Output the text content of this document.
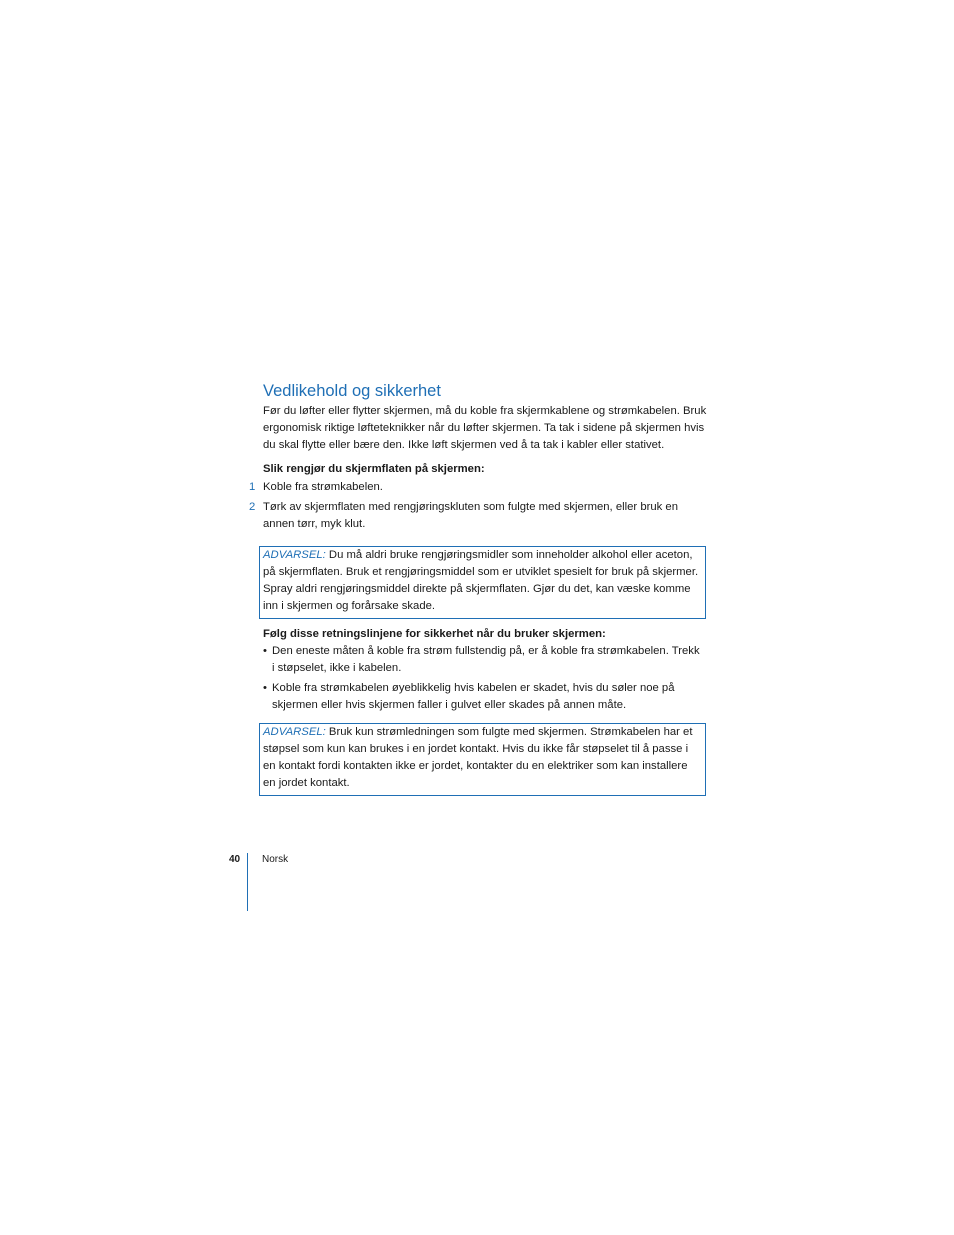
Vedlikehold og sikkerhet

Før du løfter eller flytter skjermen, må du koble fra skjermkablene og strømkabelen. Bruk ergonomisk riktige løfteteknikker når du løfter skjermen. Ta tak i sidene på skjermen hvis du skal flytte eller bære den. Ikke løft skjermen ved å ta tak i kabler eller stativet.

Slik rengjør du skjermflaten på skjermen:

1 Koble fra strømkabelen.
2 Tørk av skjermflaten med rengjøringskluten som fulgte med skjermen, eller bruk en annen tørr, myk klut.
ADVARSEL: Du må aldri bruke rengjøringsmidler som inneholder alkohol eller aceton, på skjermflaten. Bruk et rengjøringsmiddel som er utviklet spesielt for bruk på skjermer. Spray aldri rengjøringsmiddel direkte på skjermflaten. Gjør du det, kan væske komme inn i skjermen og forårsake skade.

Følg disse retningslinjene for sikkerhet når du bruker skjermen:

• Den eneste måten å koble fra strøm fullstendig på, er å koble fra strømkabelen. Trekk i støpselet, ikke i kabelen.
• Koble fra strømkabelen øyeblikkelig hvis kabelen er skadet, hvis du søler noe på skjermen eller hvis skjermen faller i gulvet eller skades på annen måte.
ADVARSEL: Bruk kun strømledningen som fulgte med skjermen. Strømkabelen har et støpsel som kun kan brukes i en jordet kontakt. Hvis du ikke får støpselet til å passe i en kontakt fordi kontakten ikke er jordet, kontakter du en elektriker som kan installere en jordet kontakt.
40 Norsk
